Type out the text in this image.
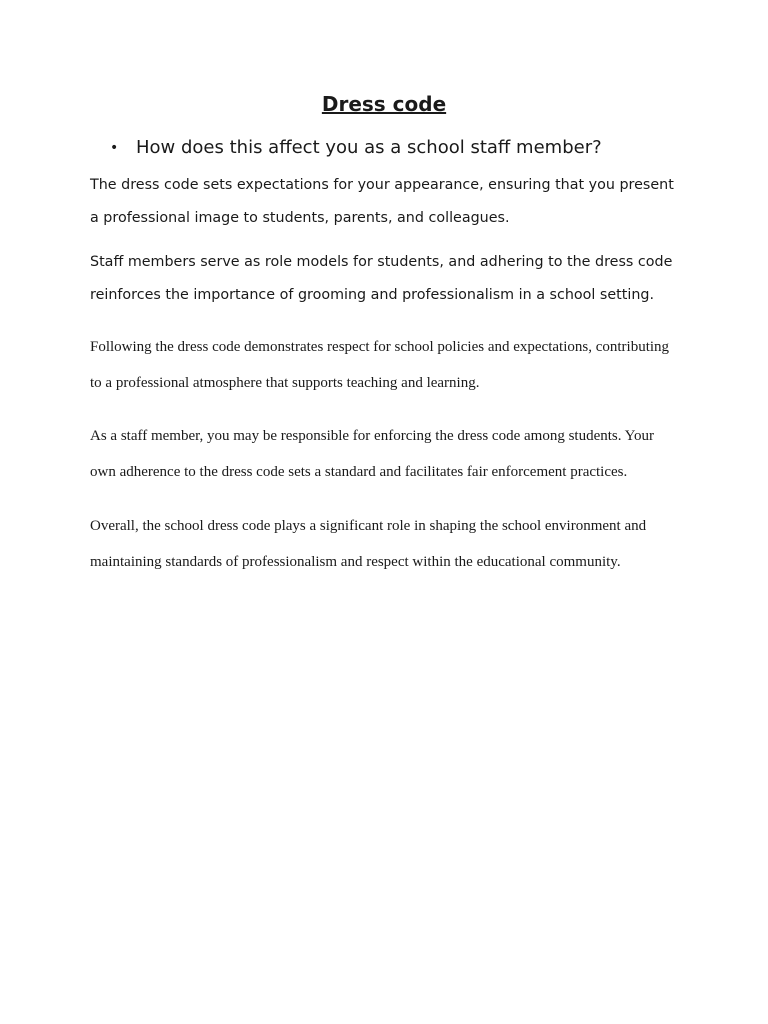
Dress code
• How does this affect you as a school staff member?

The dress code sets expectations for your appearance, ensuring that you present a professional image to students, parents, and colleagues.

Staff members serve as role models for students, and adhering to the dress code reinforces the importance of grooming and professionalism in a school setting.

Following the dress code demonstrates respect for school policies and expectations, contributing to a professional atmosphere that supports teaching and learning.

As a staff member, you may be responsible for enforcing the dress code among students. Your own adherence to the dress code sets a standard and facilitates fair enforcement practices.

Overall, the school dress code plays a significant role in shaping the school environment and maintaining standards of professionalism and respect within the educational community.
